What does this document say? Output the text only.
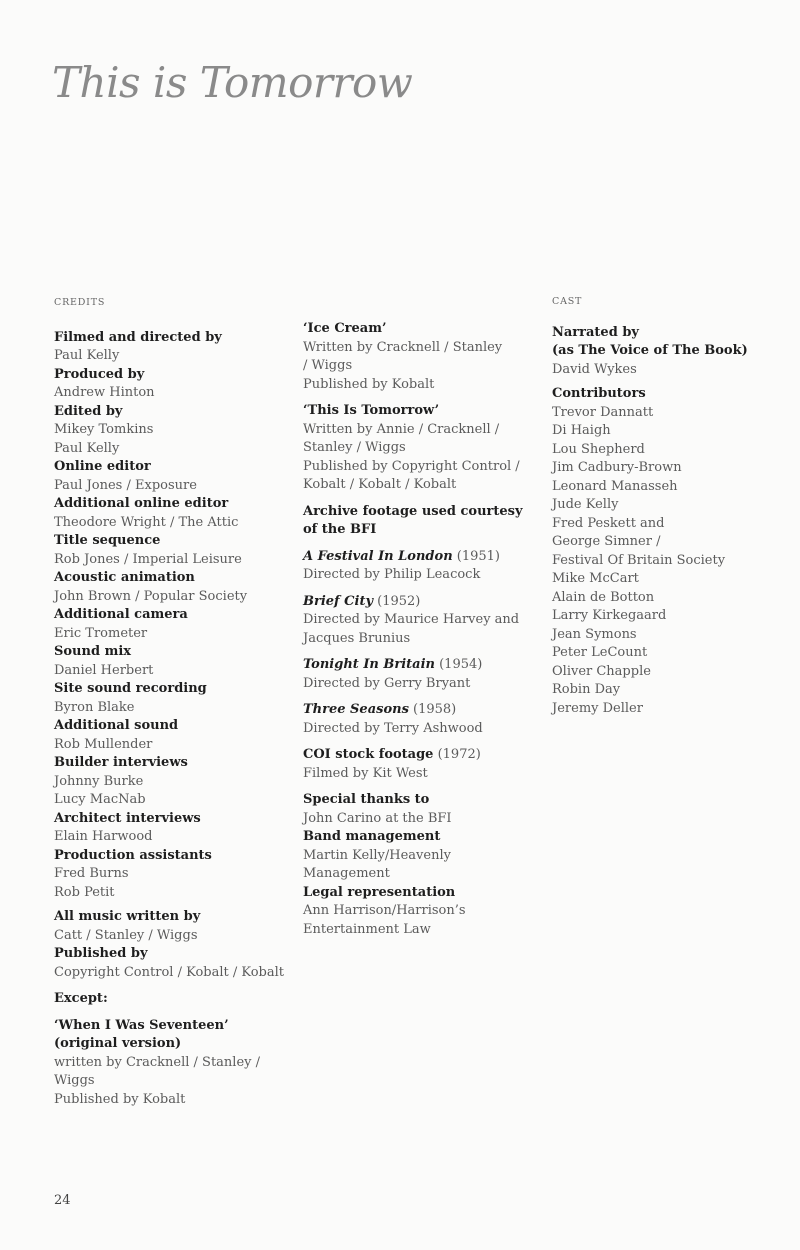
This is Tomorrow
CREDITS
Filmed and directed by
Paul Kelly
Produced by
Andrew Hinton
Edited by
Mikey Tomkins
Paul Kelly
Online editor
Paul Jones / Exposure
Additional online editor
Theodore Wright / The Attic
Title sequence
Rob Jones / Imperial Leisure
Acoustic animation
John Brown / Popular Society
Additional camera
Eric Trometer
Sound mix
Daniel Herbert
Site sound recording
Byron Blake
Additional sound
Rob Mullender
Builder interviews
Johnny Burke
Lucy MacNab
Architect interviews
Elain Harwood
Production assistants
Fred Burns
Rob Petit
All music written by
Catt / Stanley / Wiggs
Published by
Copyright Control / Kobalt / Kobalt
Except:
‘When I Was Seventeen’
(original version)
written by Cracknell / Stanley /
Wiggs
Published by Kobalt
‘Ice Cream’
Written by Cracknell / Stanley
/ Wiggs
Published by Kobalt
‘This Is Tomorrow’
Written by Annie / Cracknell /
Stanley / Wiggs
Published by Copyright Control /
Kobalt / Kobalt / Kobalt
Archive footage used courtesy
of the BFI
A Festival In London (1951)
Directed by Philip Leacock
Brief City (1952)
Directed by Maurice Harvey and
Jacques Brunius
Tonight In Britain (1954)
Directed by Gerry Bryant
Three Seasons (1958)
Directed by Terry Ashwood
COI stock footage (1972)
Filmed by Kit West
Special thanks to
John Carino at the BFI
Band management
Martin Kelly/Heavenly
Management
Legal representation
Ann Harrison/Harrison’s
Entertainment Law
CAST
Narrated by
(as The Voice of The Book)
David Wykes
Contributors
Trevor Dannatt
Di Haigh
Lou Shepherd
Jim Cadbury-Brown
Leonard Manasseh
Jude Kelly
Fred Peskett and
George Simner /
Festival Of Britain Society
Mike McCart
Alain de Botton
Larry Kirkegaard
Jean Symons
Peter LeCount
Oliver Chapple
Robin Day
Jeremy Deller
24
